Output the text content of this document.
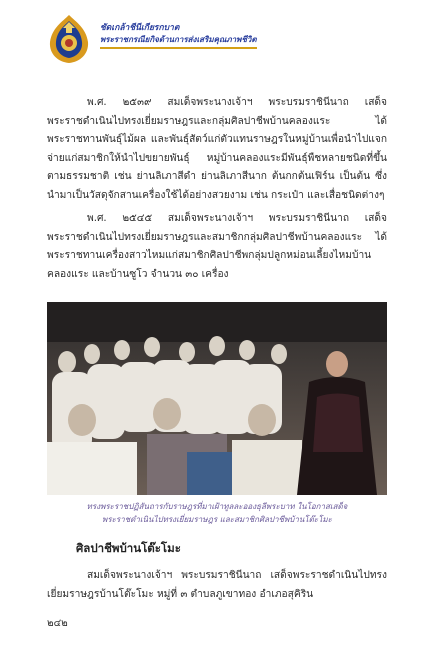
ชัดเกล้าชีนีเกียรกบาต
พระราชกรณียกิจด้านการส่งเสริมคุณภาพชีวิต

พ.ศ. ๒๕๓๙ สมเด็จพระนางเจ้าฯ พระบรมราชินีนาถ เสด็จพระราชดำเนินไปทรงเยี่ยมราษฎรและกลุ่มศิลปาชีพบ้านคลองแระ ได้พระราชทานพันธุ์ไม้ผล และพันธุ์สัตว์แก่ตัวแทนราษฎรในหมู่บ้านเพื่อนำไปแจกจ่ายแก่สมาชิกให้นำไปขยายพันธุ์ หมู่บ้านคลองแระมีพันธุ์พืชหลายชนิดที่ขึ้นตามธรรมชาติ เช่น ย่านลิเภาสีดำ ย่านลิเภาสีนาก ต้นกกต้นเฟิร์น เป็นต้น ซึ่งนำมาเป็นวัสดุจักสานเครื่องใช้ได้อย่างสวยงาม เช่น กระเป๋า และเสื่อชนิดต่างๆ

พ.ศ. ๒๕๔๕ สมเด็จพระนางเจ้าฯ พระบรมราชินีนาถ เสด็จพระราชดำเนินไปทรงเยี่ยมราษฎรและสมาชิกกลุ่มศิลปาชีพบ้านคลองแระ ได้พระราชทานเครื่องสาวไหมแก่สมาชิกศิลปาชีพกลุ่มปลูกหม่อนเลี้ยงไหมบ้านคลองแระ และบ้านซูโว จำนวน ๓๐ เครื่อง

ทรงพระราชปฏิสันถารกับราษฎรที่มาเฝ้าทูลละอองธุลีพระบาท ในโอกาสเสด็จ
พระราชดำเนินไปทรงเยี่ยมราษฎร และสมาชิกศิลปาชีพบ้านโต๊ะโมะ
ศิลปาชีพบ้านโต๊ะโมะ

สมเด็จพระนางเจ้าฯ พระบรมราชินีนาถ เสด็จพระราชดำเนินไปทรงเยี่ยมราษฎรบ้านโต๊ะโมะ หมู่ที่ ๓ ตำบลภูเขาทอง อำเภอสุคิริน

๒๔๒
